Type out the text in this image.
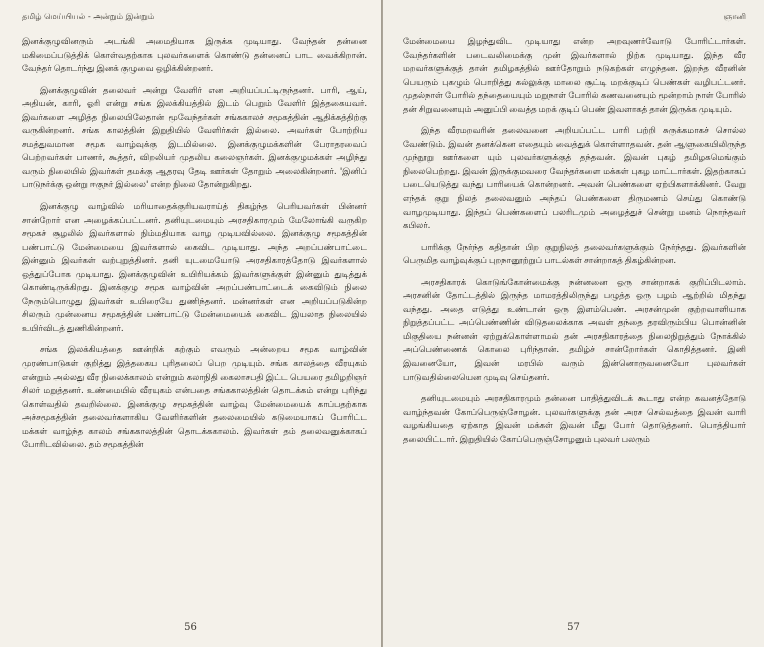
தமிழ் மெய்யியல் - அன்றும் இன்றும்

இனக்குழுவினரும் அடங்கி அமைதியாக இருக்க முடியாது. வேந்தன் தன்னை மகிமைப்படுத்திக் கொள்வதற்காக புலவர்களைக் கொண்டு தன்னைப் பாட வைக்கிறான். வேந்தர் தொடர்ந்து இனக் குழுவை ஒழிக்கின்றனர்.

இனக்குழுவின் தலைவர் அன்று வேளிர் என அறியப்பட்டிருந்தனர். பாரி, ஆய், அதியன், காரி, ஓரி என்று சங்க இலக்கியத்தில் இடம் பெறும் வேளிர் இத்தகையவர். இவர்களை அழித்த நிலையிலேதான் மூவேந்தர்கள் சங்ககாலச் சமூகத்தின் ஆதிக்கத்திற்கு வருகின்றனர். சங்க காலத்தின் இறுதியில் வேளிர்கள் இல்லை. அவர்கள் போற்றிய சமத்துவமான சமூக வாழ்வுக்கு இடமில்லை. இனக்குழுமக்களின் பேராதரவைப் பெற்றவர்கள் பாணர், கூத்தர், விறலியர் முதலிய கலைஞர்கள். இனக்குழுமக்கள் அழிந்து வரும் நிலையில் இவர்கள் தமக்கு ஆதரவு தேடி ஊர்கள் தோறும் அலைகின்றனர். 'இனிப் பாடுநர்க்கு ஒன்று ஈகுநர் இல்லை' என்ற நிலை தோன்றுகிறது.

இனக்குழு வாழ்வில் மரியாதைக்குரியவராய்த் திகழ்ந்த பெரியவர்கள் பின்னர் சான்றோர் என அழைக்கப்பட்டனர். தனியுடமையும் அரசதிகாரமும் மேலோங்கி வருகிற சமூகச் சூழலில் இவர்களால் நிம்மதியாக வாழ முடியவில்லை. இனக்குழு சமூகத்தின் பண்பாட்டு மேன்மையை இவர்களால் கைவிட முடியாது. அந்த அறப்பண்பாட்டை இன்னும் இவர்கள் வற்புறுத்தினர். தனி யுடமையோடு அரசதிகாரத்தோடு இவர்களால் ஒத்துப்போக முடியாது. இனக்குழுவின் உயிரியக்கம் இவர்களுக்குள் இன்னும் துடித்துக் கொண்டிருக்கிறது. இனக்குழு சமூக வாழ்வின் அறப்பண்பாட்டைக் கைவிடும் நிலை நேரும்பொழுது இவர்கள் உயிரையே துணிந்தனர். மன்னர்கள் என அறியப்படுகின்ற சிலரும் முன்னைய சமூகத்தின் பண்பாட்டு மேன்மையைக் கைவிட இயலாத நிலையில் உயிர்விடத் துணிகின்றனர்.

சங்க இலக்கியத்தை ஊன்றிக் கற்கும் எவரும் அன்றைய சமூக வாழ்வின் முரண்பாடுகள் குறித்து இத்தகைய புரிதலைப் பெற முடியும். சங்க காலத்தை வீரயுகம் என்றும் அல்லது வீர நிலைக்காலம் என்றும் கலாநிதி கைலாசபதி இட்ட பெயரை தமிழறிஞர் சிலர் மறுத்தனர். உண்மையில் வீரயுகம் என்பதை சங்ககாலத்தின் தொடக்கம் என்று புரிந்து கொள்வதில் தவறில்லை. இனக்குழு சமூகத்தின் வாழ்வு மேன்மையைக் காப்பதற்காக அச்சமூகத்தின் தலைவர்களாகிய வேளிர்களின் தலைமையில் கடுமையாகப் போரிட்ட மக்கள் வாழ்ந்த காலம் சங்ககாலத்தின் தொடக்ககாலம். இவர்கள் தம் தலைவனுக்காகப் போரிடவில்லை. தம் சமூகத்தின்

56
ஞானி

மேன்மையை இழந்துவிட முடியாது என்ற அறவுணர்வோடு போரிட்டார்கள். வேந்தர்களின் படைவலிமைக்கு முன் இவர்களால் நிற்க முடியாது. இந்த வீர மறவர்களுக்குத் தான் தமிழகத்தில் ஊர்தோறும் நடுகற்கள் எழுந்தன. இறந்த வீரனின் பெயரும் புகழும் பொறித்து கல்லுக்கு மாலை சூட்டி மறக்குடிப் பெண்கள் வழிபட்டனர். முதல்நாள் போரில் தந்தையையும் மறுநாள் போரில் கணவனையும் மூன்றாம் நாள் போரில் தன் சிறுவனையும் அனுப்பி வைத்த மறக் குடிப் பெண் இவளாகத் தான் இருக்க முடியும்.

இந்த வீரமறவரின் தலைவனை அறியப்பட்ட பாரி பற்றி சுருக்கமாகச் சொல்ல வேண்டும். இவன் தனக்கென எதையும் வைத்துக் கொள்ளாதவன். தன் ஆளுகையிலிருந்த முந்நூறு ஊர்களை யும் புலவர்களுக்குத் தந்தவன். இவன் புகழ் தமிழகமெங்கும் நிலைபெற்றது. இவன் இருக்குமவரை வேந்தர்களை மக்கள் புகழ மாட்டார்கள். இதற்காகப் படையெடுத்து வந்து பாரியைக் கொன்றனர். அவன் பெண்களை ஏற்பிகளாக்கினர். வேறு எந்தக் குறு நிலத் தலைவனும் அந்தப் பெண்களை திருமணம் செய்து கொண்டு வாழமுடியாது. இந்தப் பெண்களைப் பலரிடமும் அழைத்துச் சென்று மனம் நொந்தவர் கபிலர்.

பாரிக்கு நேர்ந்த கதிதான் பிற குறுநிலத் தலைவர்களுக்கும் நேர்ந்தது. இவர்களின் பெருமித வாழ்வுக்குப் புறநானூற்றுப் பாடல்கள் சான்றாகத் திகழ்கின்றன.

அரசதிகாரக் கொடுங்கோன்மைக்கு நன்னனை ஒரு சான்றாகக் குறிப்பிடலாம். அரசனின் தோட்டத்தில் இருந்த மாமரத்திலிருந்து பழுத்த ஒரு பழம் ஆற்றில் மிதந்து வந்தது. அதை எடுத்து உண்டான் ஒரு இளம்பெண். அரசன்முன் குற்றவாளியாக நிறுத்தப்பட்ட அப்பெண்ணின் விடுதலைக்காக அவள் தந்தை தரவிரும்பிய பொன்னின் மிகுதியை நன்னன் ஏற்றுக்கொள்ளாமல் தன் அரசதிகாரத்தை நிலைநிறுத்தும் நோக்கில் அப்பெண்ணைக் கொலை புரிந்தான். தமிழ்ச் சான்றோர்கள் கொதித்தனர். இனி இவனையோ, இவன் மரபில் வரும் இன்னொருவனையோ புலவர்கள் பாடுவதில்லையென முடிவு செய்தனர்.

தனியுடமையும் அரசதிகாரமும் தன்னை பாதித்துவிடக் கூடாது என்ற கவனத்தோடு வாழ்ந்தவன் கோப்பெருஞ்சோழன். புலவர்களுக்கு தன் அரச செல்வத்தை இவன் வாரி வழங்கியதை ஏற்காத இவன் மக்கள் இவன் மீது போர் தொடுத்தனர். பொத்தியார் தலையிட்டார். இறுதியில் கோப்பெருஞ்சோழனும் புலவர் பலரும்

57
